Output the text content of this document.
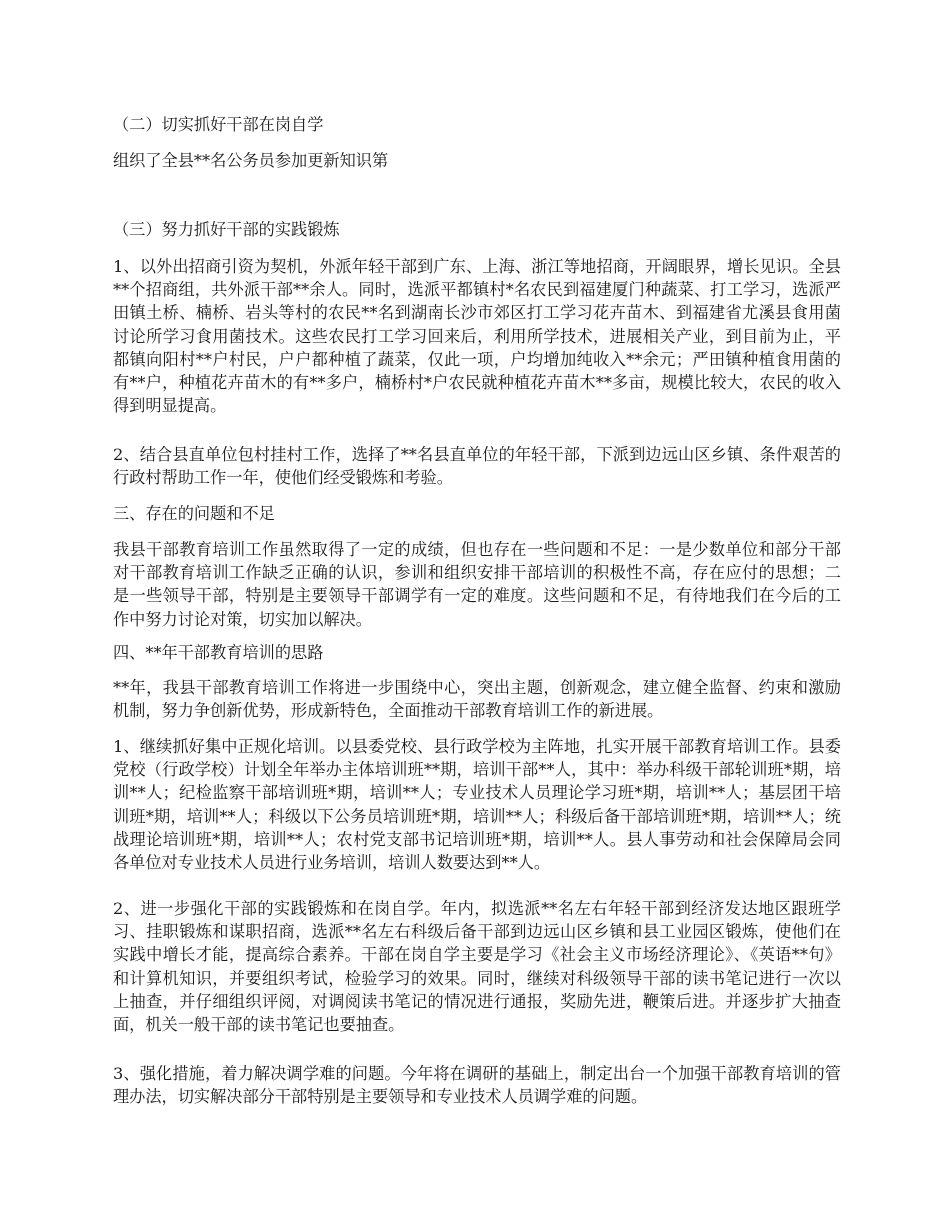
（二）切实抓好干部在岗自学
组织了全县**名公务员参加更新知识第
（三）努力抓好干部的实践锻炼
1、以外出招商引资为契机，外派年轻干部到广东、上海、浙江等地招商，开阔眼界，增长见识。全县**个招商组，共外派干部**余人。同时，选派平都镇村*名农民到福建厦门种蔬菜、打工学习，选派严田镇土桥、楠桥、岩头等村的农民**名到湖南长沙市郊区打工学习花卉苗木、到福建省尤溪县食用菌讨论所学习食用菌技术。这些农民打工学习回来后，利用所学技术，进展相关产业，到目前为止，平都镇向阳村**户村民，户户都种植了蔬菜，仅此一项，户均增加纯收入**余元；严田镇种植食用菌的有**户，种植花卉苗木的有**多户，楠桥村*户农民就种植花卉苗木**多亩，规模比较大，农民的收入得到明显提高。
2、结合县直单位包村挂村工作，选择了**名县直单位的年轻干部，下派到边远山区乡镇、条件艰苦的行政村帮助工作一年，使他们经受锻炼和考验。
三、存在的问题和不足
我县干部教育培训工作虽然取得了一定的成绩，但也存在一些问题和不足：一是少数单位和部分干部对干部教育培训工作缺乏正确的认识，参训和组织安排干部培训的积极性不高，存在应付的思想；二是一些领导干部，特别是主要领导干部调学有一定的难度。这些问题和不足，有待地我们在今后的工作中努力讨论对策，切实加以解决。
四、**年干部教育培训的思路
**年，我县干部教育培训工作将进一步围绕中心，突出主题，创新观念，建立健全监督、约束和激励机制，努力争创新优势，形成新特色，全面推动干部教育培训工作的新进展。
1、继续抓好集中正规化培训。以县委党校、县行政学校为主阵地，扎实开展干部教育培训工作。县委党校（行政学校）计划全年举办主体培训班**期，培训干部**人，其中：举办科级干部轮训班*期，培训**人；纪检监察干部培训班*期，培训**人；专业技术人员理论学习班*期，培训**人；基层团干培训班*期，培训**人；科级以下公务员培训班*期，培训**人；科级后备干部培训班*期，培训**人；统战理论培训班*期，培训**人；农村党支部书记培训班*期，培训**人。县人事劳动和社会保障局会同各单位对专业技术人员进行业务培训，培训人数要达到**人。
2、进一步强化干部的实践锻炼和在岗自学。年内，拟选派**名左右年轻干部到经济发达地区跟班学习、挂职锻炼和谋职招商，选派**名左右科级后备干部到边远山区乡镇和县工业园区锻炼，使他们在实践中增长才能，提高综合素养。干部在岗自学主要是学习《社会主义市场经济理论》、《英语**句》和计算机知识，并要组织考试，检验学习的效果。同时，继续对科级领导干部的读书笔记进行一次以上抽查，并仔细组织评阅，对调阅读书笔记的情况进行通报，奖励先进，鞭策后进。并逐步扩大抽查面，机关一般干部的读书笔记也要抽查。
3、强化措施，着力解决调学难的问题。今年将在调研的基础上，制定出台一个加强干部教育培训的管理办法，切实解决部分干部特别是主要领导和专业技术人员调学难的问题。
